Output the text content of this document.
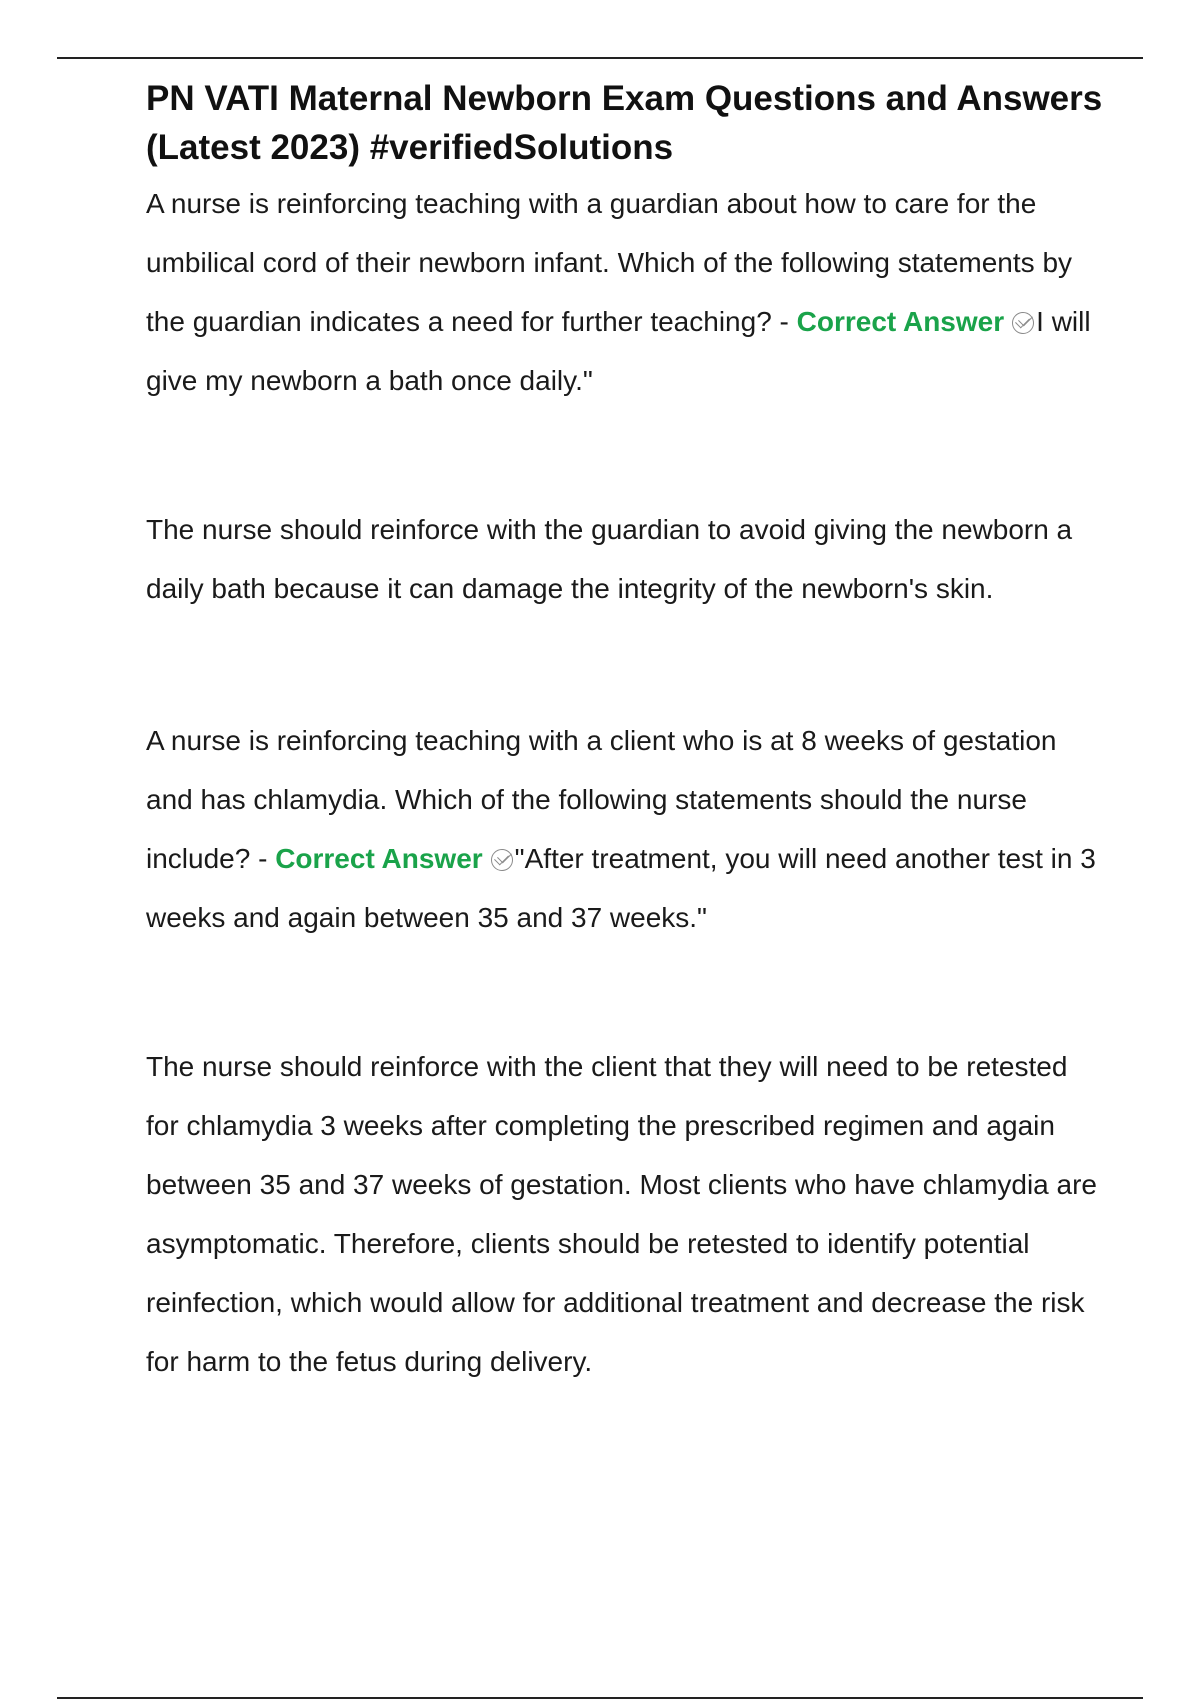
PN VATI Maternal Newborn Exam Questions and Answers (Latest 2023) #verifiedSolutions

A nurse is reinforcing teaching with a guardian about how to care for the umbilical cord of their newborn infant. Which of the following statements by the guardian indicates a need for further teaching? - Correct Answer I will give my newborn a bath once daily."

The nurse should reinforce with the guardian to avoid giving the newborn a daily bath because it can damage the integrity of the newborn's skin.

A nurse is reinforcing teaching with a client who is at 8 weeks of gestation and has chlamydia. Which of the following statements should the nurse include? - Correct Answer "After treatment, you will need another test in 3 weeks and again between 35 and 37 weeks."

The nurse should reinforce with the client that they will need to be retested for chlamydia 3 weeks after completing the prescribed regimen and again between 35 and 37 weeks of gestation. Most clients who have chlamydia are asymptomatic. Therefore, clients should be retested to identify potential reinfection, which would allow for additional treatment and decrease the risk for harm to the fetus during delivery.
